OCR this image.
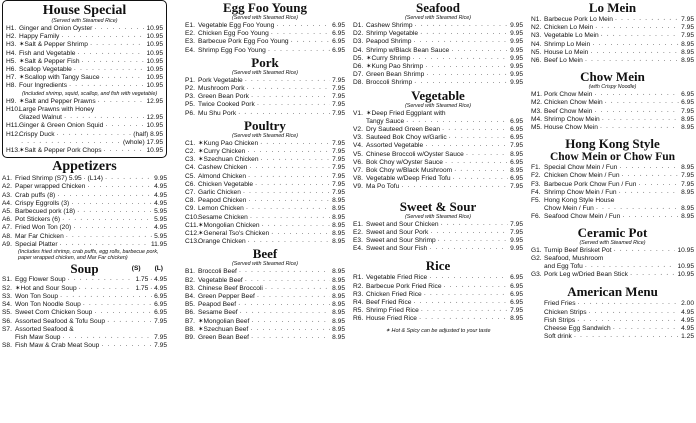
House Special
(Served with Steamed Rice)
H1. Ginger and Onion Oyster · · ·	10.95
H2. Happy Family · · ·	10.95
H3. ✶Salt & Pepper Shrimp · · ·	10.95
H4. Fish and Vegetable · · ·	10.95
H5. ✶Salt & Pepper Fish · · ·	10.95
H6. Scallop Vegetable · · ·	10.95
H7. ✶Scallop with Tangy Sauce · · ·	10.95
H8. Four Ingredients · · ·	10.95
(Included shrimp, squid, scallop, and fish with vegetable)
H9. ✶Salt and Pepper Prawns · · ·	12.95
H10. Large Prawns with Honey
Glazed Walnut · · ·	12.95
H11. Ginger & Green Onion Squid · · ·	10.95
H12. Crispy Duck · · ·	(half) 8.95
· · ·
(whole) 17.95
H13. ✶Salt & Pepper Pork Chops · · ·	10.95
Appetizers
A1. Fried Shrimp (S7) 5.95 · (L14) · · ·	9.95
A2. Paper wrapped Chicken · · ·	4.95
A3. Crab puffs (8) · · ·	4.95
A4. Crispy Eggrolls (3) · · ·	4.95
A5. Barbecued pork (18) · · ·	5.95
A6. Pot Stickers (6) · · ·	5.95
A7. Fried Won Ton (20) · · ·	4.95
A8. Mar Far Chicken · · ·	5.95
A9. Special Platter · · ·	11.95
(Includes fried shrimp, crab puffs, egg rolls, barbecue pork, paper wrapped chicken, and Mar Far chicken)
Soup	(S) (L)
S1. Egg Flower Soup · · ·	1.75 · 4.95
S2. ✶Hot and Sour Soup · · ·	1.75 · 4.95
S3. Won Ton Soup · · ·	6.95
S4. Won Ton Noodle Soup · · ·	6.95
S5. Sweet Corn Chicken Soup · · ·	6.95
S6. Assorted Seafood & Tofu Soup · · ·	7.95
S7. Assorted Seafood &
Fish Maw Soup · · ·	7.95
S8. Fish Maw & Crab Meat Soup · · ·	7.95
Egg Foo Young
(Served with Steamed Rice)
E1. Vegetable Egg Foo Young · · ·	6.95
E2. Chicken Egg Foo Young · · ·	6.95
E3. Barbecue Pork Egg Foo Young · · ·	6.95
E4. Shrimp Egg Foo Young · · ·	6.95
Pork
(Served with Steamed Rice)
P1. Pork Vegetable · · ·	7.95
P2. Mushroom Pork · · ·	7.95
P3. Green Bean Pork · · ·	7.95
P5. Twice Cooked Pork · · ·	7.95
P6. Mu Shu Pork · · ·	7.95
Poultry
(Served with Steamed Rice)
C1. ✶Kung Pao Chicken · · ·	7.95
C2. ✶Curry Chicken · · ·	7.95
C3. ✶Szechuan Chicken · · ·	7.95
C4. Cashew Chicken · · ·	7.95
C5. Almond Chicken · · ·	7.95
C6. Chicken Vegetable · · ·	7.95
C7. Garlic Chicken · · ·	7.95
C8. Peapod Chicken · · ·	8.95
C9. Lemon Chicken · · ·	8.95
C10. Sesame Chicken · · ·	8.95
C11. ✶Mongolian Chicken · · ·	8.95
C12. ✶General Tso's Chicken · · ·	8.95
C13. Orange Chicken · · ·	8.95
Beef
(Served with Steamed Rice)
B1. Broccoli Beef · · ·	8.95
B2. Vegetable Beef · · ·	8.95
B3. Chinese Beef Broccoli · · ·	8.95
B4. Green Pepper Beef · · ·	8.95
B5. Peapod Beef · · ·	8.95
B6. Sesame Beef · · ·	8.95
B7. ✶Mongolian Beef · · ·	8.95
B8. ✶Szechuan Beef · · ·	8.95
B9. Green Bean Beef · · ·	8.95
Seafood
(Served with Steamed Rice)
D1. Cashew Shrimp · · ·	9.95
D2. Shrimp Vegetable · · ·	9.95
D3. Peapod Shrimp · · ·	9.95
D4. Shrimp w/Black Bean Sauce · · ·	9.95
D5. ✶Curry Shrimp · · ·	9.95
D6. ✶Kung Pao Shrimp · · ·	9.95
D7. Green Bean Shrimp · · ·	9.95
D8. Broccoli Shrimp · · ·	9.95
Vegetable
(Served with Steamed Rice)
V1. ✶Deep Fried Eggplant with
Tangy Sauce · · ·	6.95
V2. Dry Sauteed Green Bean · · ·	6.95
V3. Sauteed Bok Choy w/Garlic · · ·	6.95
V4. Assorted Vegetable · · ·	7.95
V5. Chinese Broccoli w/Oyster Sauce · · ·	8.95
V6. Bok Choy w/Oyster Sauce · · ·	6.95
V7. Bok Choy w/Black Mushroom · · ·	8.95
V8. Vegetable w/Deep Fried Tofu · · ·	6.95
V9. Ma Po Tofu · · ·	7.95
Sweet & Sour
(Served with Steamed Rice)
E1. Sweet and Sour Chicken · · ·	7.95
E2. Sweet and Sour Pork · · ·	7.95
E3. Sweet and Sour Shrimp · · ·	9.95
E4. Sweet and Sour Fish · · ·	9.95
Rice
R1. Vegetable Fried Rice · · ·	6.95
R2. Barbecue Pork Fried Rice · · ·	6.95
R3. Chicken Fried Rice · · ·	6.95
R4. Beef Fried Rice · · ·	6.95
R5. Shrimp Fried Rice · · ·	7.95
R6. House Fried Rice · · ·	8.95
✶ Hot & Spicy can be adjusted to your taste
Lo Mein
N1. Barbecue Pork Lo Mein · · ·	7.95
N2. Chicken Lo Mein · · ·	7.95
N3. Vegetable Lo Mein · · ·	7.95
N4. Shrimp Lo Mein · · ·	8.95
N5. House Lo Mein · · ·	8.95
N6. Beef Lo Mein · · ·	8.95
Chow Mein
(with Crispy Noodle)
M1. Pork Chow Mein · · ·	6.95
M2. Chicken Chow Mein · · ·	6.95
M3. Beef Chow Mein · · ·	7.95
M4. Shrimp Chow Mein · · ·	8.95
M5. House Chow Mein · · ·	8.95
Hong Kong Style
Chow Mein or Chow Fun
F1. Special Chow Mein / Fun · · ·	8.95
F2. Chicken Chow Mein / Fun · · ·	7.95
F3. Barbecue Pork Chow Fun / Fun · · ·	7.95
F4. Shrimp Chow Mein / Fun · · ·	8.95
F5. Hong Kong Style House
Chow Mein / Fun · · ·	8.95
F6. Seafood Chow Mein / Fun · · ·	8.95
Ceramic Pot
(Served with Steamed Rice)
G1. Turnip Beef Brisket Pot · · ·	10.95
G2. Seafood, Mushroom
and Egg Tofu · · ·	10.95
G3. Pork Leg w/Dried Bean Stick · · ·	10.95
American Menu
Fried Fries · · ·	2.00
Chicken Strips · · ·	4.95
Fish Strips · · ·	4.95
Cheese Egg Sandwich · · ·	4.95
Soft drink · · ·	1.25
